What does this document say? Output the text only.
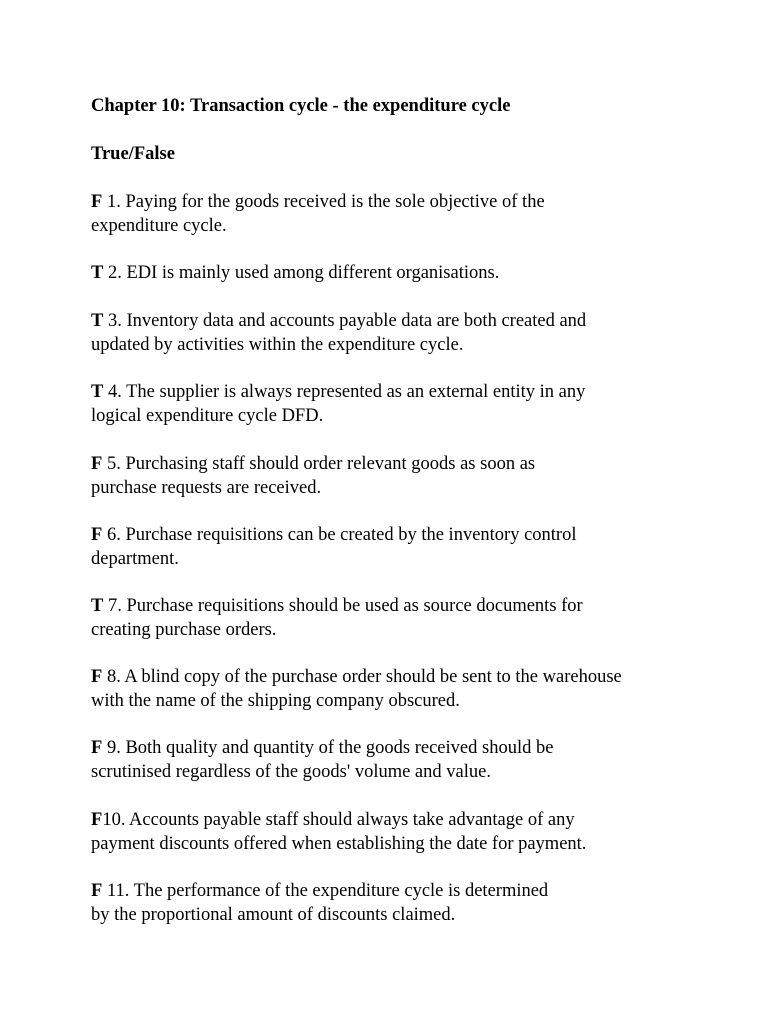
Chapter 10: Transaction cycle - the expenditure cycle
True/False
F 1. Paying for the goods received is the sole objective of the
expenditure cycle.
T 2. EDI is mainly used among different organisations.
T 3. Inventory data and accounts payable data are both created and
updated by activities within the expenditure cycle.
T 4. The supplier is always represented as an external entity in any
logical expenditure cycle DFD.
F 5. Purchasing staff should order relevant goods as soon as
purchase requests are received.
F 6. Purchase requisitions can be created by the inventory control
department.
T 7. Purchase requisitions should be used as source documents for
creating purchase orders.
F 8. A blind copy of the purchase order should be sent to the warehouse
with the name of the shipping company obscured.
F 9. Both quality and quantity of the goods received should be
scrutinised regardless of the goods' volume and value.
F10. Accounts payable staff should always take advantage of any
payment discounts offered when establishing the date for payment.
F 11. The performance of the expenditure cycle is determined
by the proportional amount of discounts claimed.
